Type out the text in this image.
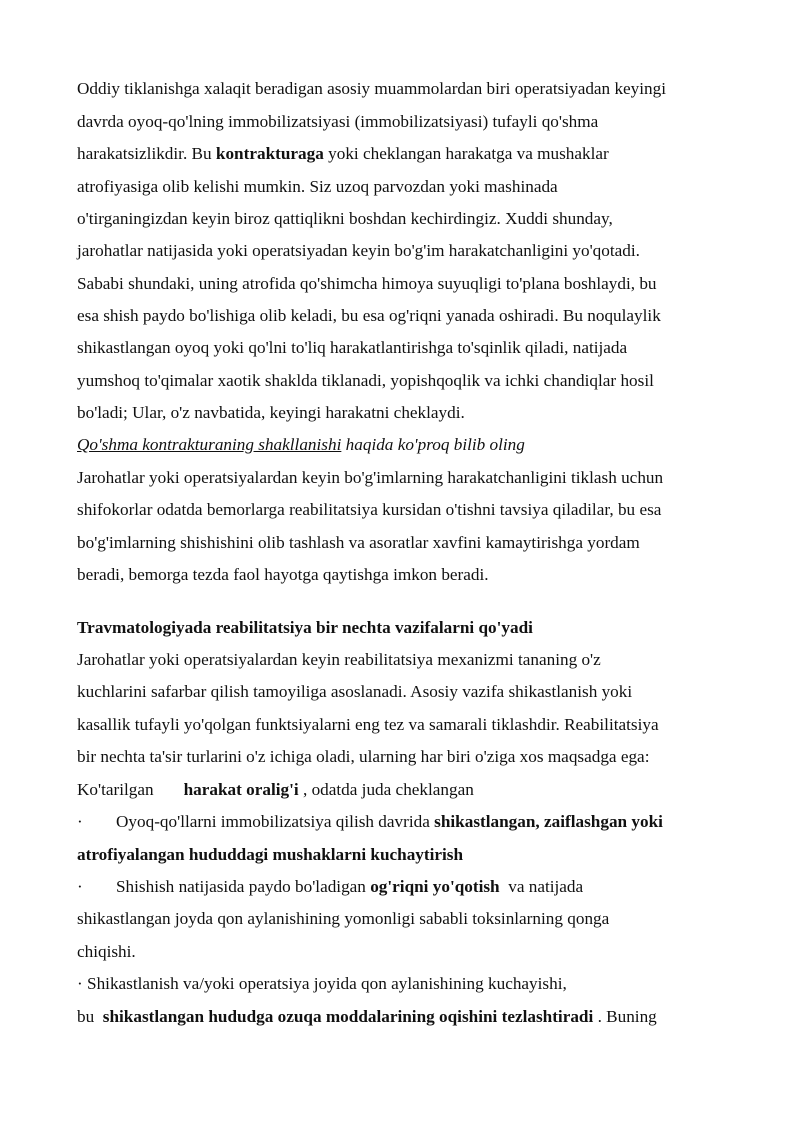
Oddiy tiklanishga xalaqit beradigan asosiy muammolardan biri operatsiyadan keyingi
davrda oyoq-qo'lning immobilizatsiyasi (immobilizatsiyasi) tufayli qo'shma
harakatsizlikdir. Bu kontrakturaga yoki cheklangan harakatga va mushaklar
atrofiyasiga olib kelishi mumkin. Siz uzoq parvozdan yoki mashinada
o'tirganingizdan keyin biroz qattiqlikni boshdan kechirdingiz. Xuddi shunday,
jarohatlar natijasida yoki operatsiyadan keyin bo'g'im harakatchanligini yo'qotadi.
Sababi shundaki, uning atrofida qo'shimcha himoya suyuqligi to'plana boshlaydi, bu
esa shish paydo bo'lishiga olib keladi, bu esa og'riqni yanada oshiradi. Bu noqulaylik
shikastlangan oyoq yoki qo'lni to'liq harakatlantirishga to'sqinlik qiladi, natijada
yumshoq to'qimalar xaotik shaklda tiklanadi, yopishqoqlik va ichki chandiqlar hosil
bo'ladi; Ular, o'z navbatida, keyingi harakatni cheklaydi.
Qo'shma kontrakturaning shakllanishi haqida ko'proq bilib oling
Jarohatlar yoki operatsiyalardan keyin bo'g'imlarning harakatchanligini tiklash uchun
shifokorlar odatda bemorlarga reabilitatsiya kursidan o'tishni tavsiya qiladilar, bu esa
bo'g'imlarning shishishini olib tashlash va asoratlar xavfini kamaytirishga yordam
beradi, bemorga tezda faol hayotga qaytishga imkon beradi.
Travmatologiyada reabilitatsiya bir nechta vazifalarni qo'yadi
Jarohatlar yoki operatsiyalardan keyin reabilitatsiya mexanizmi tananing o'z
kuchlarini safarbar qilish tamoyiliga asoslanadi. Asosiy vazifa shikastlanish yoki
kasallik tufayli yo'qolgan funktsiyalarni eng tez va samarali tiklashdir. Reabilitatsiya
bir nechta ta'sir turlarini o'z ichiga oladi, ularning har biri o'ziga xos maqsadga ega:
Ko'tarilgan harakat oralig'i , odatda juda cheklangan
· Oyoq-qo'llarni immobilizatsiya qilish davrida shikastlangan, zaiflashgan yoki
atrofiyalangan hududdagi mushaklarni kuchaytirish
· Shishish natijasida paydo bo'ladigan og'riqni yo'qotish  va natijada
shikastlangan joyda qon aylanishining yomonligi sababli toksinlarning qonga
chiqishi.
· Shikastlanish va/yoki operatsiya joyida qon aylanishining kuchayishi,
bu  shikastlangan hududga ozuqa moddalarining oqishini tezlashtiradi . Buning
